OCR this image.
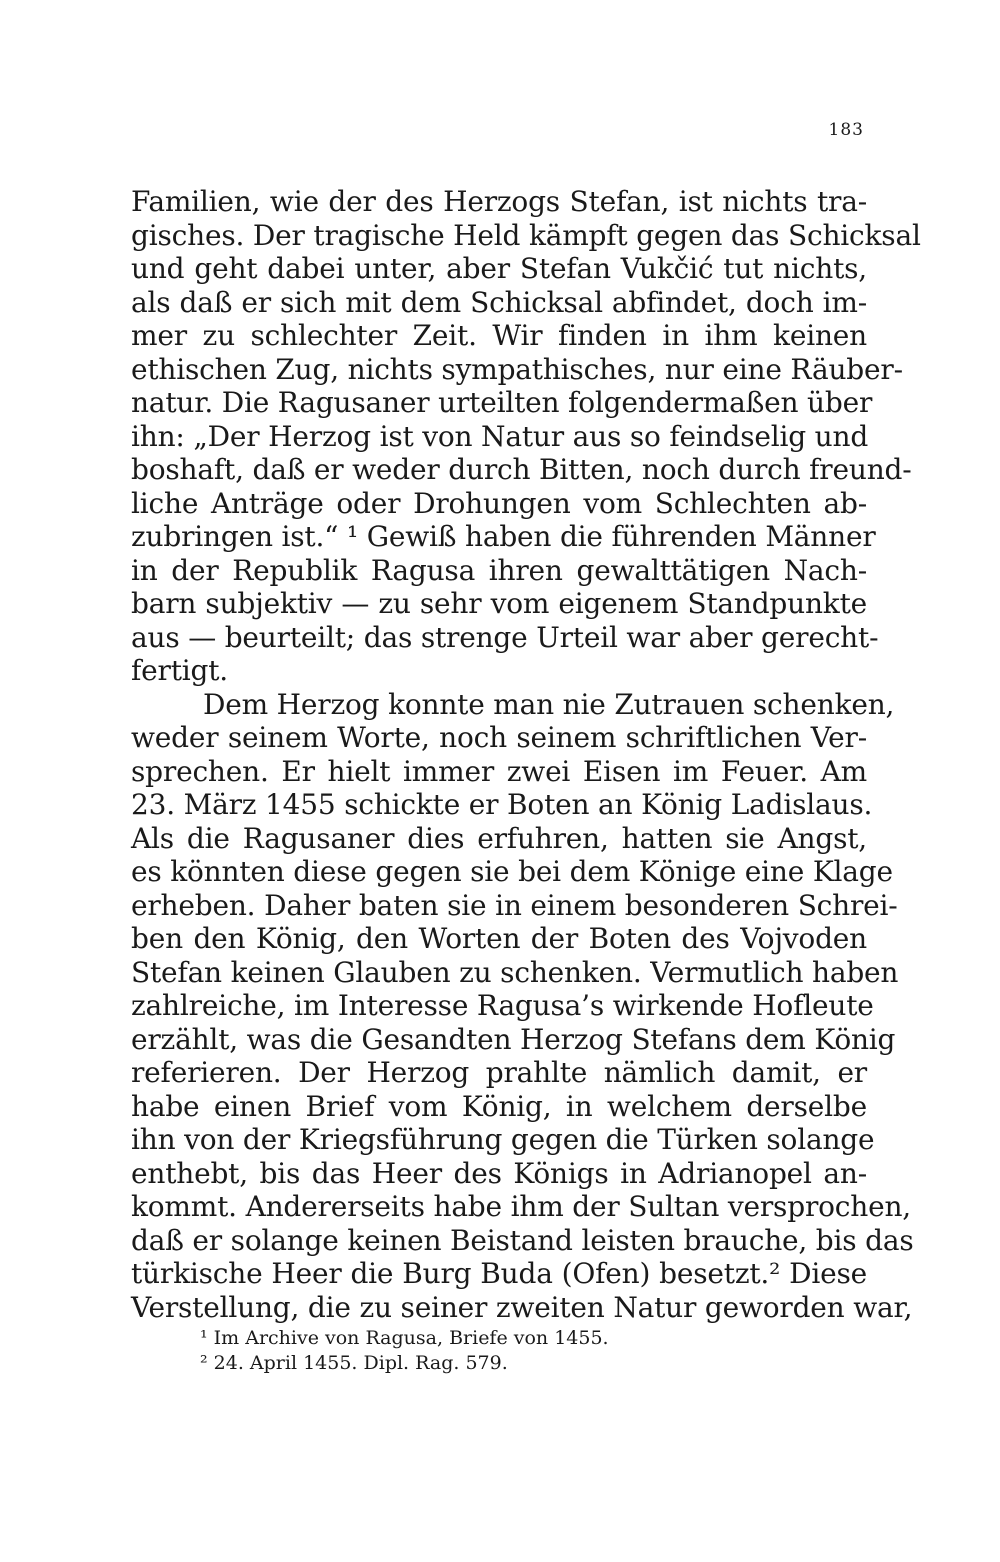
183
Familien, wie der des Herzogs Stefan, ist nichts tra-
gisches. Der tragische Held kämpft gegen das Schicksal
und geht dabei unter, aber Stefan Vukčić tut nichts,
als daß er sich mit dem Schicksal abfindet, doch im-
mer zu schlechter Zeit. Wir finden in ihm keinen
ethischen Zug, nichts sympathisches, nur eine Räuber-
natur. Die Ragusaner urteilten folgendermaßen über
ihn: „Der Herzog ist von Natur aus so feindselig und
boshaft, daß er weder durch Bitten, noch durch freund-
liche Anträge oder Drohungen vom Schlechten ab-
zubringen ist.“ ¹ Gewiß haben die führenden Männer
in der Republik Ragusa ihren gewalttätigen Nach-
barn subjektiv — zu sehr vom eigenem Standpunkte
aus — beurteilt; das strenge Urteil war aber gerecht-
fertigt.
Dem Herzog konnte man nie Zutrauen schenken,
weder seinem Worte, noch seinem schriftlichen Ver-
sprechen. Er hielt immer zwei Eisen im Feuer. Am
23. März 1455 schickte er Boten an König Ladislaus.
Als die Ragusaner dies erfuhren, hatten sie Angst,
es könnten diese gegen sie bei dem Könige eine Klage
erheben. Daher baten sie in einem besonderen Schrei-
ben den König, den Worten der Boten des Vojvoden
Stefan keinen Glauben zu schenken. Vermutlich haben
zahlreiche, im Interesse Ragusa’s wirkende Hofleute
erzählt, was die Gesandten Herzog Stefans dem König
referieren. Der Herzog prahlte nämlich damit, er
habe einen Brief vom König, in welchem derselbe
ihn von der Kriegsführung gegen die Türken solange
enthebt, bis das Heer des Königs in Adrianopel an-
kommt. Andererseits habe ihm der Sultan versprochen,
daß er solange keinen Beistand leisten brauche, bis das
türkische Heer die Burg Buda (Ofen) besetzt.² Diese
Verstellung, die zu seiner zweiten Natur geworden war,
¹ Im Archive von Ragusa, Briefe von 1455.
² 24. April 1455. Dipl. Rag. 579.
